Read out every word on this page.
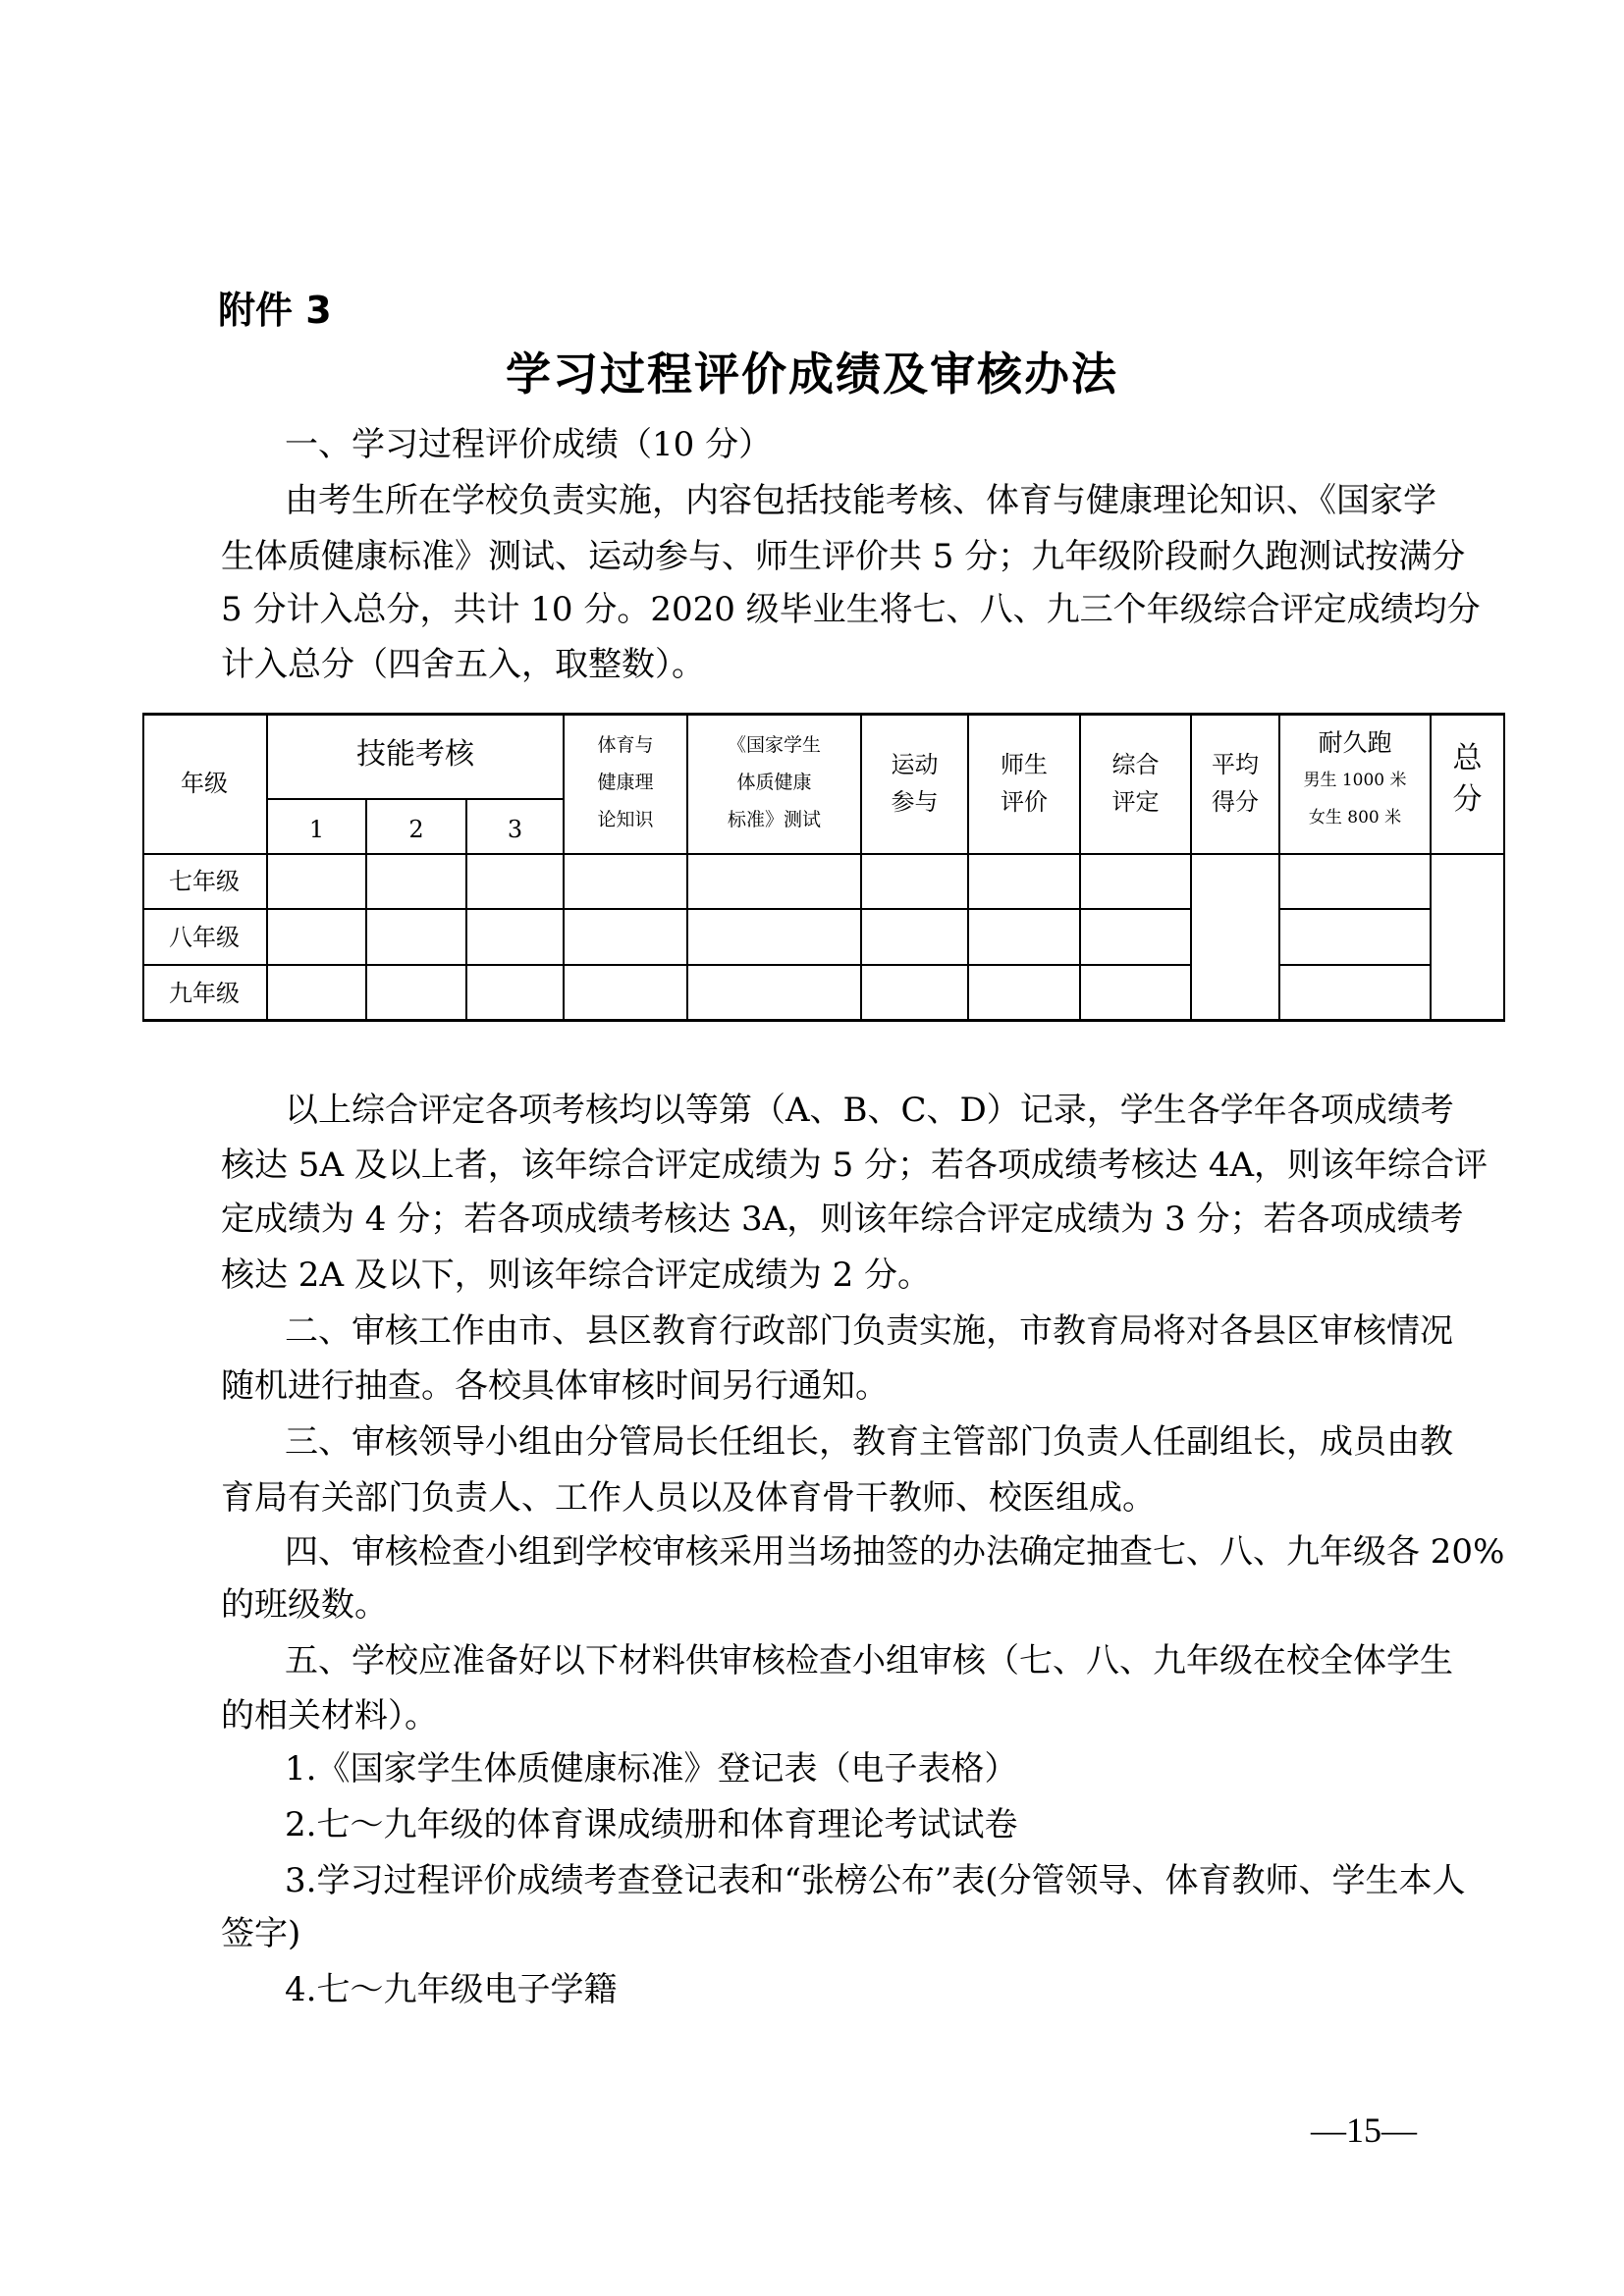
附件 3
学习过程评价成绩及审核办法
一、学习过程评价成绩（10 分）
由考生所在学校负责实施，内容包括技能考核、体育与健康理论知识、《国家学
生体质健康标准》测试、运动参与、师生评价共 5 分；九年级阶段耐久跑测试按满分
5 分计入总分，共计 10 分。2020 级毕业生将七、八、九三个年级综合评定成绩均分
计入总分（四舍五入，取整数）。
年级
技能考核
1	2	3
体育与
健康理
论知识
《国家学生
体质健康
标准》测试
运动
参与
师生
评价
综合
评定
平均
得分
耐久跑
男生 1000 米
女生 800 米
总
分
七年级
八年级
九年级
以上综合评定各项考核均以等第（A、B、C、D）记录，学生各学年各项成绩考
核达 5A 及以上者，该年综合评定成绩为 5 分；若各项成绩考核达 4A，则该年综合评
定成绩为 4 分；若各项成绩考核达 3A，则该年综合评定成绩为 3 分；若各项成绩考
核达 2A 及以下，则该年综合评定成绩为 2 分。
二、审核工作由市、县区教育行政部门负责实施，市教育局将对各县区审核情况
随机进行抽查。各校具体审核时间另行通知。
三、审核领导小组由分管局长任组长，教育主管部门负责人任副组长，成员由教
育局有关部门负责人、工作人员以及体育骨干教师、校医组成。
四、审核检查小组到学校审核采用当场抽签的办法确定抽查七、八、九年级各 20%
的班级数。
五、学校应准备好以下材料供审核检查小组审核（七、八、九年级在校全体学生
的相关材料）。
1.《国家学生体质健康标准》登记表（电子表格）
2.七～九年级的体育课成绩册和体育理论考试试卷
3.学习过程评价成绩考查登记表和“张榜公布”表(分管领导、体育教师、学生本人
签字)
4.七～九年级电子学籍
—15—
